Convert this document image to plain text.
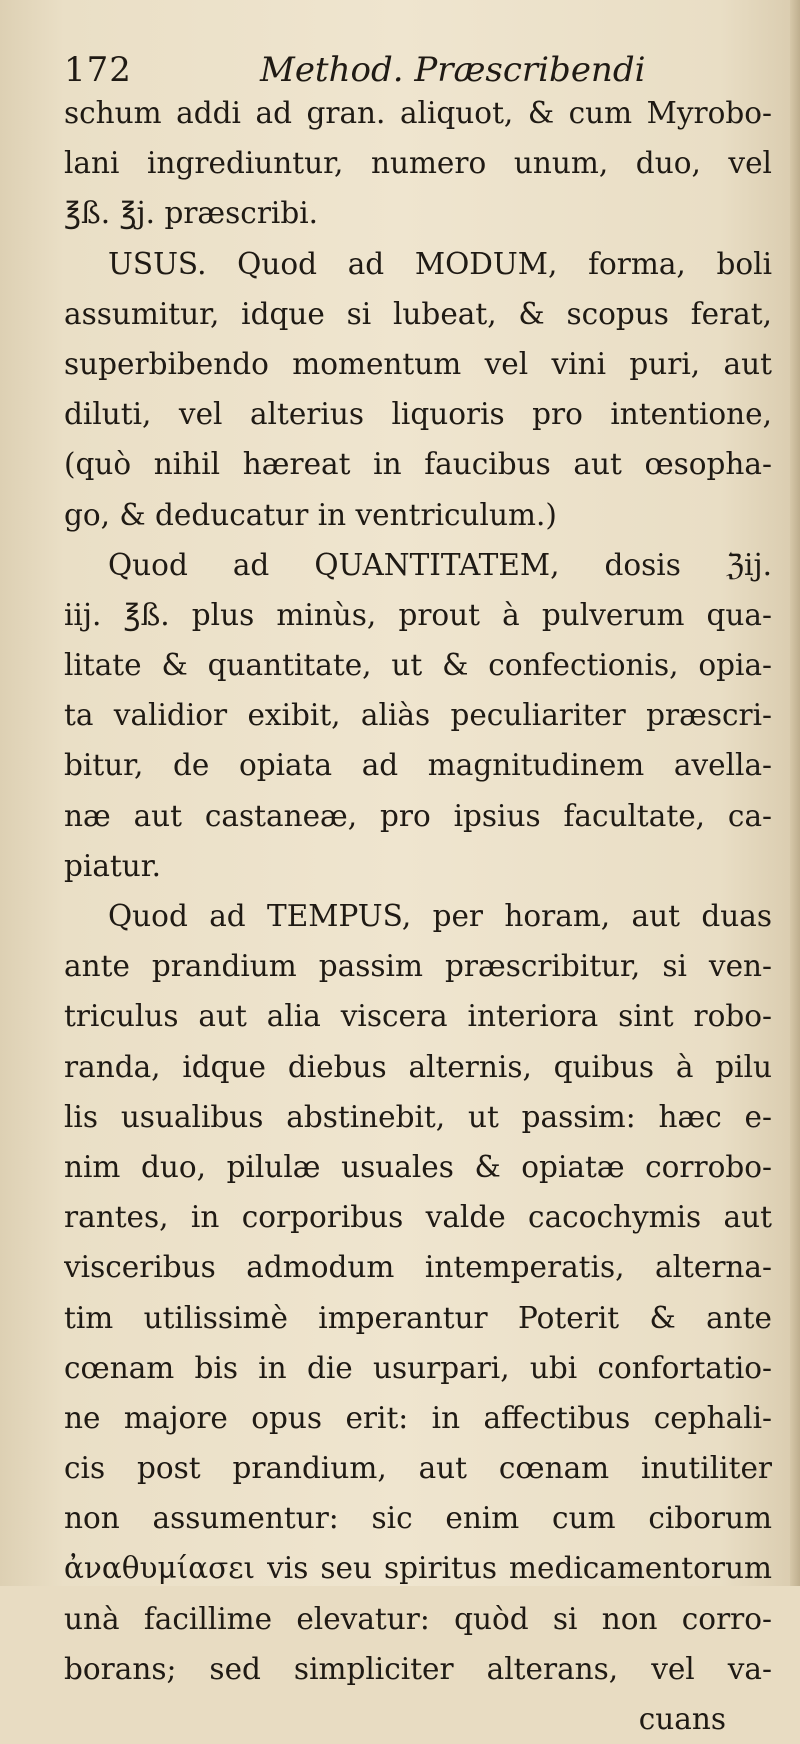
172	Method. Præscribendi
schum addi ad gran. aliquot, & cum Myrobo-
lani ingrediuntur, numero unum, duo, vel
℥ß. ℥j. præscribi.
USUS. Quod ad MODUM, forma, boli
assumitur, idque si lubeat, & scopus ferat,
superbibendo momentum vel vini puri, aut
diluti, vel alterius liquoris pro intentione,
(quò nihil hæreat in faucibus aut œsopha-
go, & deducatur in ventriculum.)
Quod ad QUANTITATEM, dosis ℨij.
iij. ℥ß. plus minùs, prout à pulverum qua-
litate & quantitate, ut & confectionis, opia-
ta validior exibit, aliàs peculiariter præscri-
bitur, de opiata ad magnitudinem avella-
næ aut castaneæ, pro ipsius facultate, ca-
piatur.
Quod ad TEMPUS, per horam, aut duas
ante prandium passim præscribitur, si ven-
triculus aut alia viscera interiora sint robo-
randa, idque diebus alternis, quibus à pilu
lis usualibus abstinebit, ut passim: hæc e-
nim duo, pilulæ usuales & opiatæ corrobo-
rantes, in corporibus valde cacochymis aut
visceribus admodum intemperatis, alterna-
tim utilissimè imperantur Poterit & ante
cœnam bis in die usurpari, ubi confortatio-
ne majore opus erit: in affectibus cephali-
cis post prandium, aut cœnam inutiliter
non assumentur: sic enim cum ciborum
ἀναθυμίασει vis seu spiritus medicamentorum
unà facillime elevatur: quòd si non corro-
borans; sed simpliciter alterans, vel va-
cuans
